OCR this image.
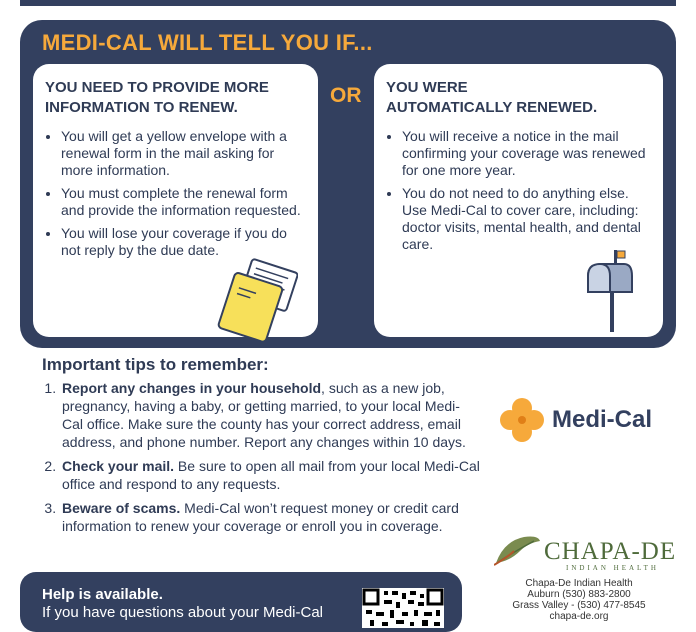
MEDI-CAL WILL TELL YOU IF...
YOU NEED TO PROVIDE MORE
INFORMATION TO RENEW.
• You will get a yellow envelope with a renewal form in the mail asking for more information.
• You must complete the renewal form and provide the information requested.
• You will lose your coverage if you do not reply by the due date.
OR YOU WERE
AUTOMATICALLY RENEWED.
• You will receive a notice in the mail confirming your coverage was renewed for one more year.
• You do not need to do anything else. Use Medi-Cal to cover care, including: doctor visits, mental health, and dental care.
Important tips to remember:
1. Report any changes in your household, such as a new job, pregnancy, having a baby, or getting married, to your local Medi-Cal office. Make sure the county has your correct address, email address, and phone number. Report any changes within 10 days.
2. Check your mail. Be sure to open all mail from your local Medi-Cal office and respond to any requests.
3. Beware of scams. Medi-Cal won’t request money or credit card information to renew your coverage or enroll you in coverage.
Medi-Cal
CHAPA-DE
INDIAN HEALTH
Chapa-De Indian Health
Auburn (530) 883-2800
Grass Valley - (530) 477-8545
chapa-de.org
Help is available.
If you have questions about your Medi-Cal
